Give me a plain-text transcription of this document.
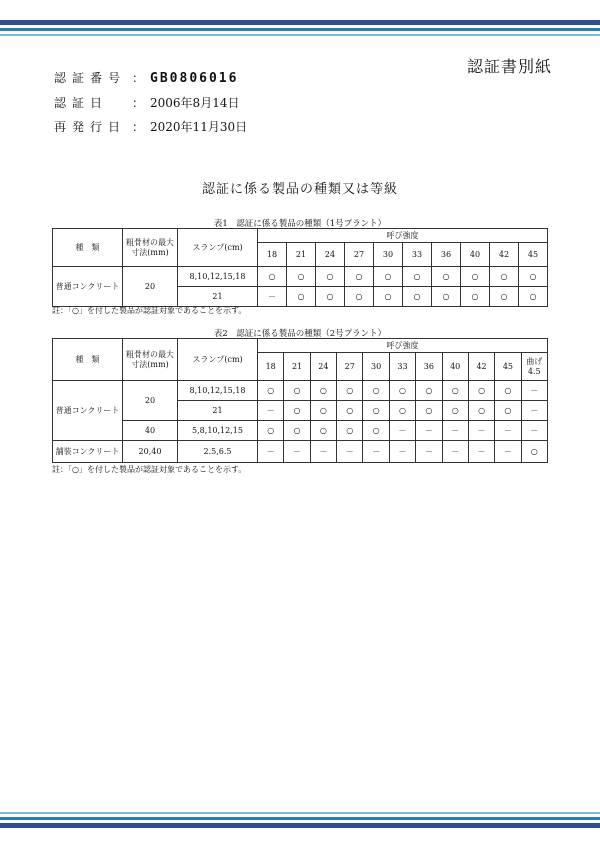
認証書別紙
認証番号 ： GB0806016
認証日 ： 2006年8月14日
再発行日 ： 2020年11月30日
認証に係る製品の種類又は等級
表1　認証に係る製品の種類（1号プラント）
種　類	粗骨材の最大寸法(mm)	スランプ(cm)	呼び強度									
			18	21	24	27	30	33	36	40	42	45
普通コンクリート	20	8,10,12,15,18	○	○	○	○	○	○	○	○	○	○
		21	－	○	○	○	○	○	○	○	○	○
註：「○」を付した製品が認証対象であることを示す。
表2　認証に係る製品の種類（2号プラント）
種　類	粗骨材の最大寸法(mm)	スランプ(cm)	呼び強度										
			18	21	24	27	30	33	36	40	42	45	曲げ4.5
普通コンクリート	20	8,10,12,15,18	○	○	○	○	○	○	○	○	○	○	－
		21	－	○	○	○	○	○	○	○	○	○	－
	40	5,8,10,12,15	○	○	○	○	○	－	－	－	－	－	－
舗装コンクリート	20,40	2.5,6.5	－	－	－	－	－	－	－	－	－	－	○
註：「○」を付した製品が認証対象であることを示す。
